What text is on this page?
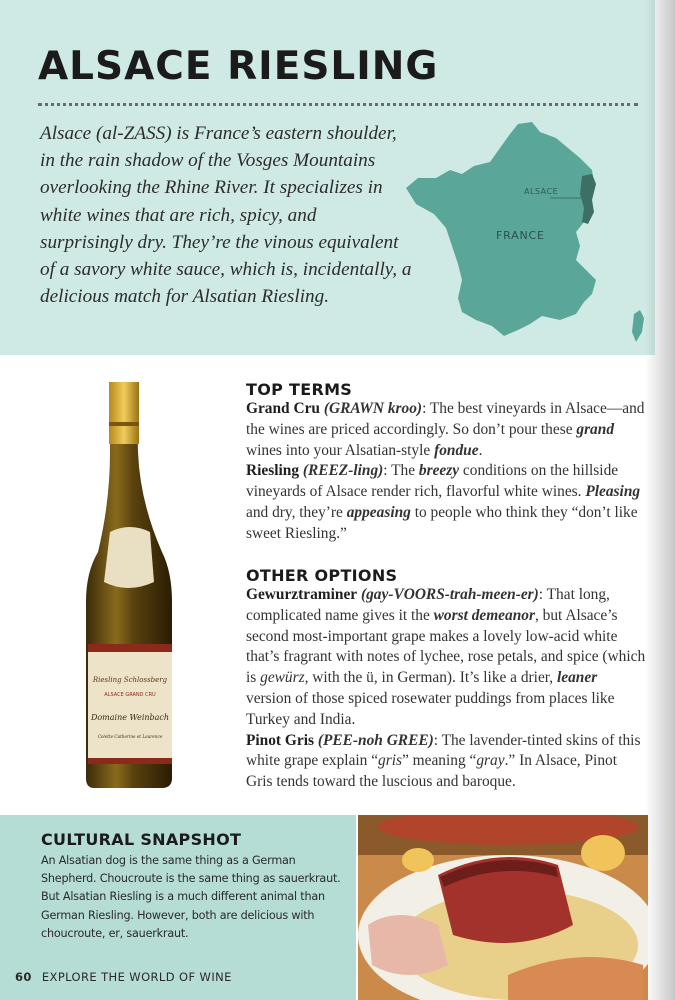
ALSACE RIESLING

Alsace (al-ZASS) is France’s eastern shoulder, in the rain shadow of the Vosges Mountains overlooking the Rhine River. It specializes in white wines that are rich, spicy, and surprisingly dry. They’re the vinous equivalent of a savory white sauce, which is, incidentally, a delicious match for Alsatian Riesling.

ALSACE
FRANCE
Riesling Schlossberg
ALSACE GRAND CRU
Domaine Weinbach
Colette Catherine et Laurence
TOP TERMS

Grand Cru (GRAWN kroo): The best vineyards in Alsace—and the wines are priced accordingly. So don’t pour these grand wines into your Alsatian-style fondue.

Riesling (REEZ-ling): The breezy conditions on the hillside vineyards of Alsace render rich, flavorful white wines. Pleasing and dry, they’re appeasing to people who think they “don’t like sweet Riesling.”

OTHER OPTIONS

Gewurztraminer (gay-VOORS-trah-meen-er): That long, complicated name gives it the worst demeanor, but Alsace’s second most-important grape makes a lovely low-acid white that’s fragrant with notes of lychee, rose petals, and spice (which is gewürz, with the ü, in German). It’s like a drier, leaner version of those spiced rosewater puddings from places like Turkey and India.

Pinot Gris (PEE-noh GREE): The lavender-tinted skins of this white grape explain “gris” meaning “gray.” In Alsace, Pinot Gris tends toward the luscious and baroque.

CULTURAL SNAPSHOT

An Alsatian dog is the same thing as a German Shepherd. Choucroute is the same thing as sauerkraut. But Alsatian Riesling is a much different animal than German Riesling. However, both are delicious with choucroute, er, sauerkraut.

60 EXPLORE THE WORLD OF WINE
